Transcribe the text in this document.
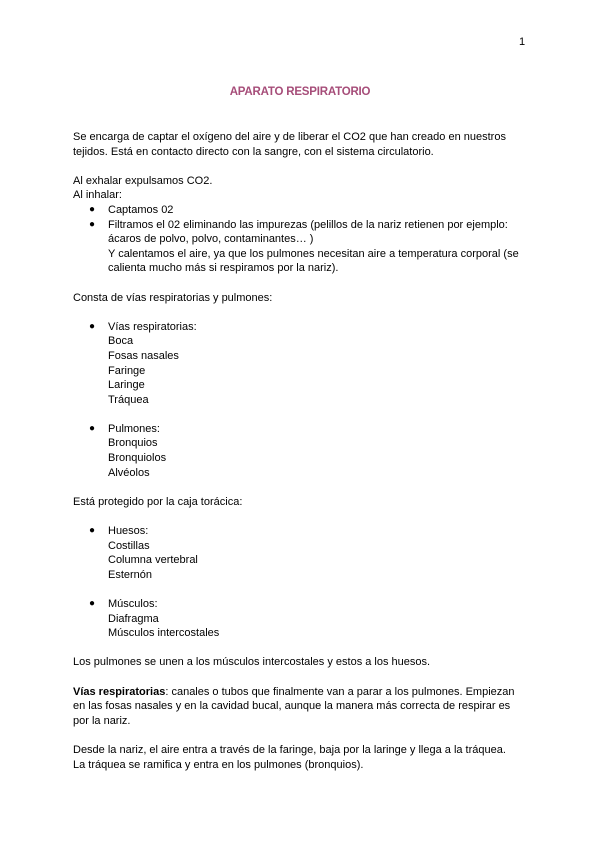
1
APARATO RESPIRATORIO

Se encarga de captar el oxígeno del aire y de liberar el CO2 que han creado en nuestros

tejidos. Está en contacto directo con la sangre, con el sistema circulatorio.

Al exhalar expulsamos CO2.

Al inhalar:

● Captamos 02
● Filtramos el 02 eliminando las impurezas (pelillos de la nariz retienen por ejemplo:
ácaros de polvo, polvo, contaminantes… )
Y calentamos el aire, ya que los pulmones necesitan aire a temperatura corporal (se
calienta mucho más si respiramos por la nariz).

Consta de vías respiratorias y pulmones:

● Vías respiratorias:
Boca
Fosas nasales
Faringe
Laringe
Tráquea
● Pulmones:
Bronquios
Bronquiolos
Alvéolos

Está protegido por la caja torácica:

● Huesos:
Costillas
Columna vertebral
Esternón
● Músculos:
Diafragma
Músculos intercostales

Los pulmones se unen a los músculos intercostales y estos a los huesos.

Vías respiratorias: canales o tubos que finalmente van a parar a los pulmones. Empiezan

en las fosas nasales y en la cavidad bucal, aunque la manera más correcta de respirar es

por la nariz.

Desde la nariz, el aire entra a través de la faringe, baja por la laringe y llega a la tráquea.

La tráquea se ramifica y entra en los pulmones (bronquios).
